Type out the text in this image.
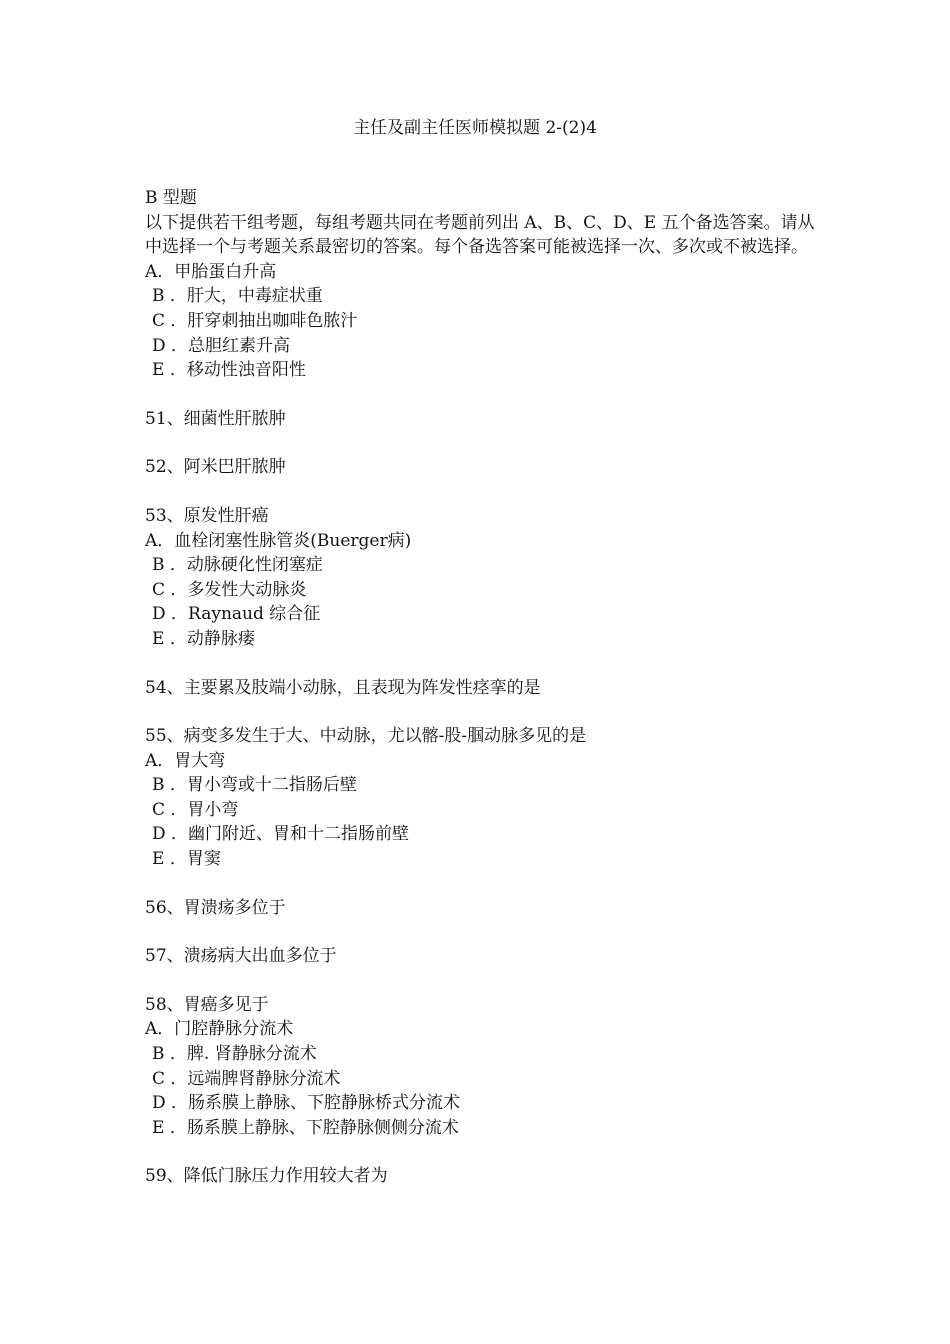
主任及副主任医师模拟题 2-(2)4
B 型题
以下提供若干组考题，每组考题共同在考题前列出 A、B、C、D、E 五个备选答案。请从中选择一个与考题关系最密切的答案。每个备选答案可能被选择一次、多次或不被选择。
A．甲胎蛋白升高
B ．肝大，中毒症状重
C ．肝穿刺抽出咖啡色脓汁
D ．总胆红素升高
E ．移动性浊音阳性
51、细菌性肝脓肿
52、阿米巴肝脓肿
53、原发性肝癌
A．血栓闭塞性脉管炎(Buerger病)
B ．动脉硬化性闭塞症
C ．多发性大动脉炎
D ．Raynaud 综合征
E ．动静脉瘘
54、主要累及肢端小动脉，且表现为阵发性痉挛的是
55、病变多发生于大、中动脉，尤以髂-股-腘动脉多见的是
A．胃大弯
B ．胃小弯或十二指肠后壁
C ．胃小弯
D ．幽门附近、胃和十二指肠前壁
E ．胃窦
56、胃溃疡多位于
57、溃疡病大出血多位于
58、胃癌多见于
A．门腔静脉分流术
B ．脾. 肾静脉分流术
C ．远端脾肾静脉分流术
D ．肠系膜上静脉、下腔静脉桥式分流术
E ．肠系膜上静脉、下腔静脉侧侧分流术
59、降低门脉压力作用较大者为
